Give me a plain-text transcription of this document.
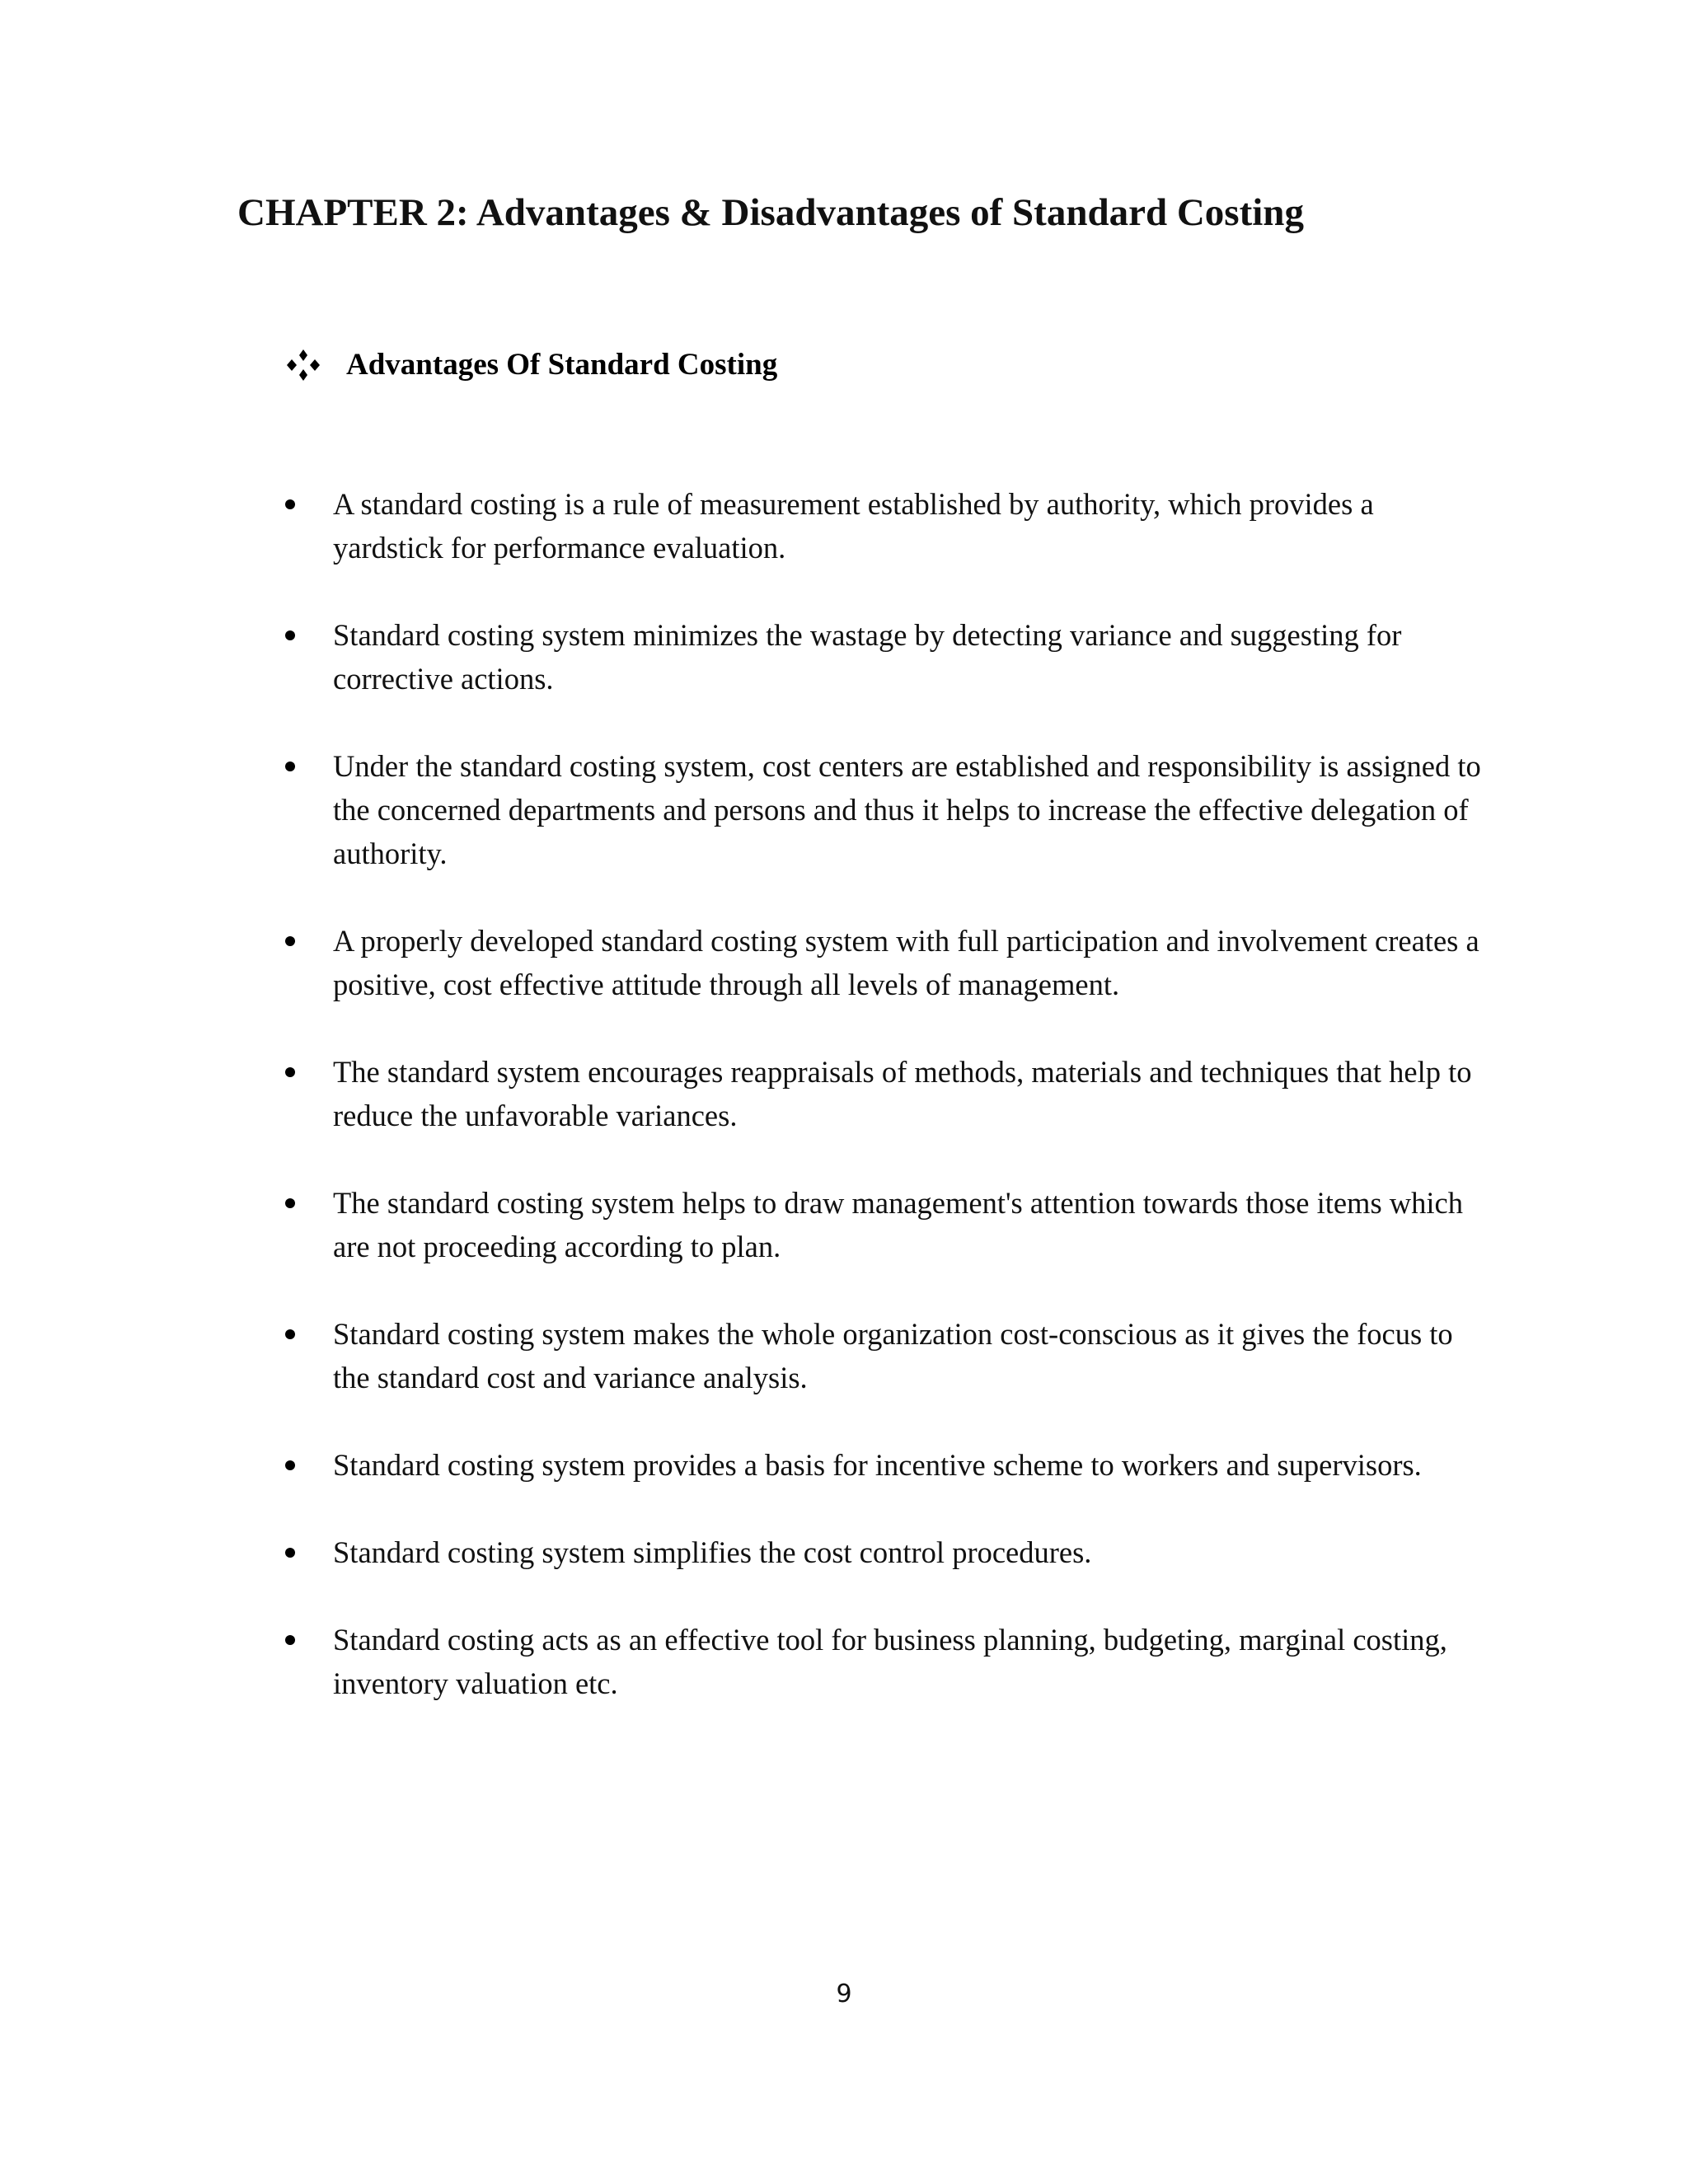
CHAPTER 2: Advantages & Disadvantages of Standard Costing
Advantages Of Standard Costing
A standard costing is a rule of measurement established by authority, which provides a yardstick for performance evaluation.
Standard costing system minimizes the wastage by detecting variance and suggesting for corrective actions.
Under the standard costing system, cost centers are established and responsibility is assigned to the concerned departments and persons and thus it helps to increase the effective delegation of authority.
A properly developed standard costing system with full participation and involvement creates a positive, cost effective attitude through all levels of management.
The standard system encourages reappraisals of methods, materials and techniques that help to reduce the unfavorable variances.
The standard costing system helps to draw management's attention towards those items which are not proceeding according to plan.
Standard costing system makes the whole organization cost-conscious as it gives the focus to the standard cost and variance analysis.
Standard costing system provides a basis for incentive scheme to workers and supervisors.
Standard costing system simplifies the cost control procedures.
Standard costing acts as an effective tool for business planning, budgeting, marginal costing, inventory valuation etc.
9
